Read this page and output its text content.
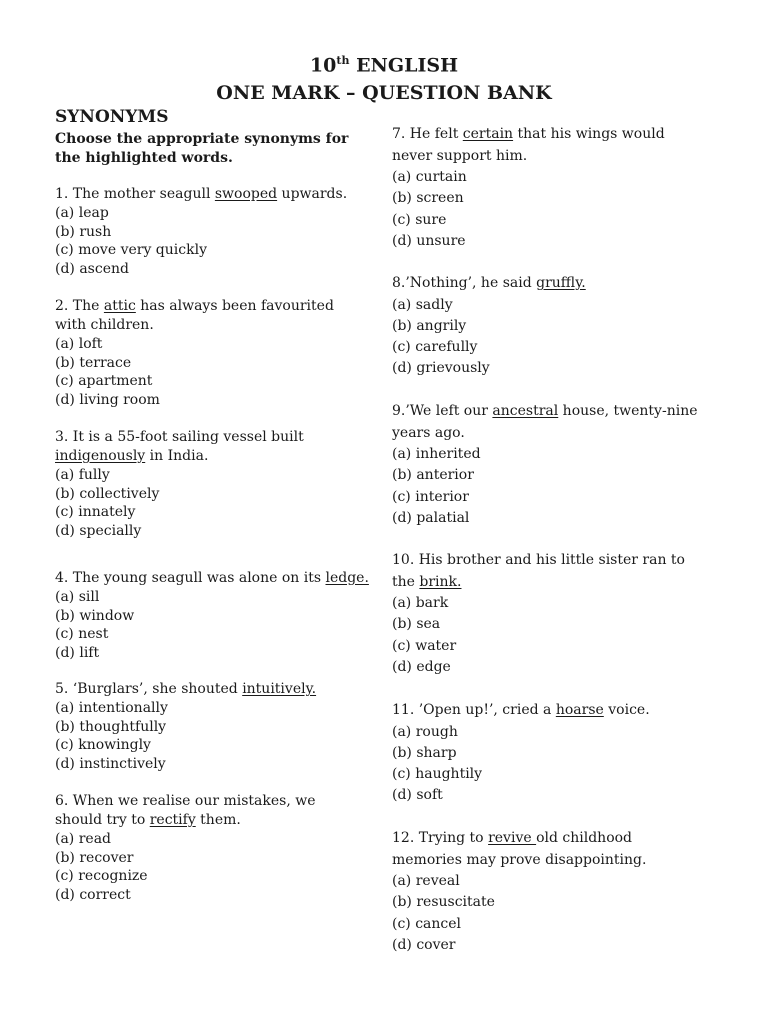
10th ENGLISH
ONE MARK – QUESTION BANK
SYNONYMS
Choose the appropriate synonyms for
the highlighted words.

1. The mother seagull swooped upwards.

(a) leap

(b) rush

(c) move very quickly

(d) ascend

2. The attic has always been favourited

with children.

(a) loft

(b) terrace

(c) apartment

(d) living room

3. It is a 55-foot sailing vessel built

indigenously in India.

(a) fully

(b) collectively

(c) innately

(d) specially

4. The young seagull was alone on its ledge.

(a) sill

(b) window

(c) nest

(d) lift

5. ‘Burglars’, she shouted intuitively.

(a) intentionally

(b) thoughtfully

(c) knowingly

(d) instinctively

6. When we realise our mistakes, we

should try to rectify them.

(a) read

(b) recover

(c) recognize

(d) correct

7. He felt certain that his wings would

never support him.

(a) curtain

(b) screen

(c) sure

(d) unsure

8.’Nothing’, he said gruffly.

(a) sadly

(b) angrily

(c) carefully

(d) grievously

9.’We left our ancestral house, twenty-nine

years ago.

(a) inherited

(b) anterior

(c) interior

(d) palatial

10. His brother and his little sister ran to

the brink.

(a) bark

(b) sea

(c) water

(d) edge

11. ’Open up!’, cried a hoarse voice.

(a) rough

(b) sharp

(c) haughtily

(d) soft

12. Trying to revive old childhood

memories may prove disappointing.

(a) reveal

(b) resuscitate

(c) cancel

(d) cover
